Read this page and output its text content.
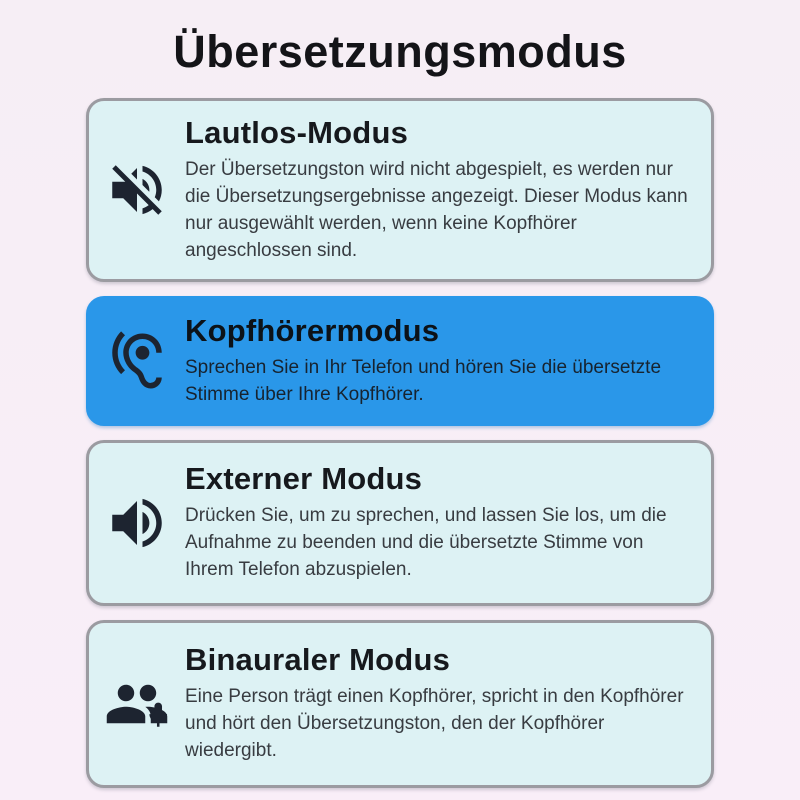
Übersetzungsmodus
Lautlos-Modus

Der Übersetzungston wird nicht abgespielt, es werden nur die Übersetzungsergebnisse angezeigt. Dieser Modus kann nur ausgewählt werden, wenn keine Kopfhörer angeschlossen sind.

Kopfhörermodus

Sprechen Sie in Ihr Telefon und hören Sie die übersetzte Stimme über Ihre Kopfhörer.

Externer Modus

Drücken Sie, um zu sprechen, und lassen Sie los, um die Aufnahme zu beenden und die übersetzte Stimme von Ihrem Telefon abzuspielen.

Binauraler Modus

Eine Person trägt einen Kopfhörer, spricht in den Kopfhörer und hört den Übersetzungston, den der Kopfhörer wiedergibt.
